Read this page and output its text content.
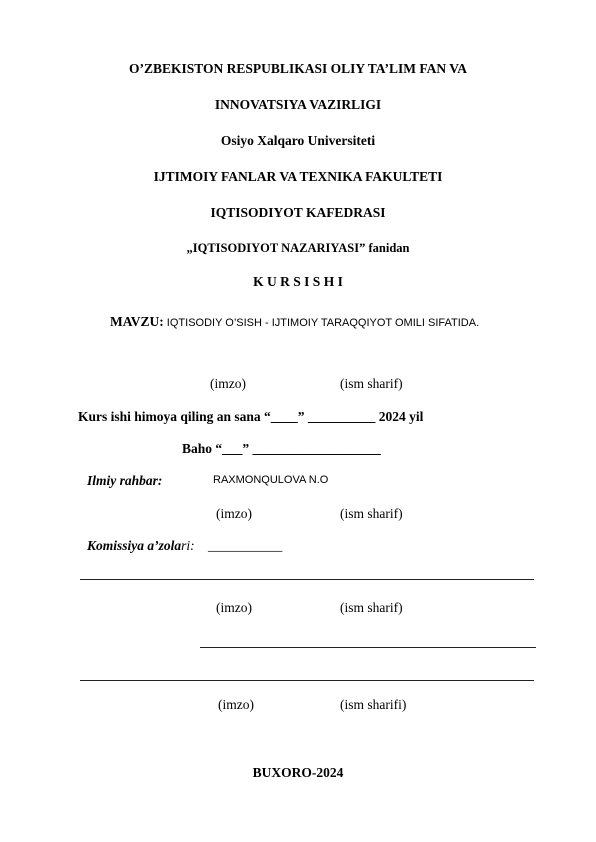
O’ZBEKISTON RESPUBLIKASI OLIY TA’LIM FAN VA
INNOVATSIYA VAZIRLIGI
Osiyo Xalqaro Universiteti
IJTIMOIY FANLAR VA TEXNIKA FAKULTETI
IQTISODIYOT KAFEDRASI
„IQTISODIYOT NAZARIYASI” fanidan
K U R S I S H I
MAVZU: IQTISODIY O’SISH - IJTIMOIY TARAQQIYOT OMILI SIFATIDA.
(imzo)	(ism sharif)
Kurs ishi himoya qiling an sana “____” __________ 2024 yil
Baho “___” ___________________
Ilmiy rahbar:	RAXMONQULOVA N.O
(imzo)	(ism sharif)
Komissiya a’zolari: ___________
(imzo)	(ism sharif)
(imzo)	(ism sharifi)
BUXORO-2024
